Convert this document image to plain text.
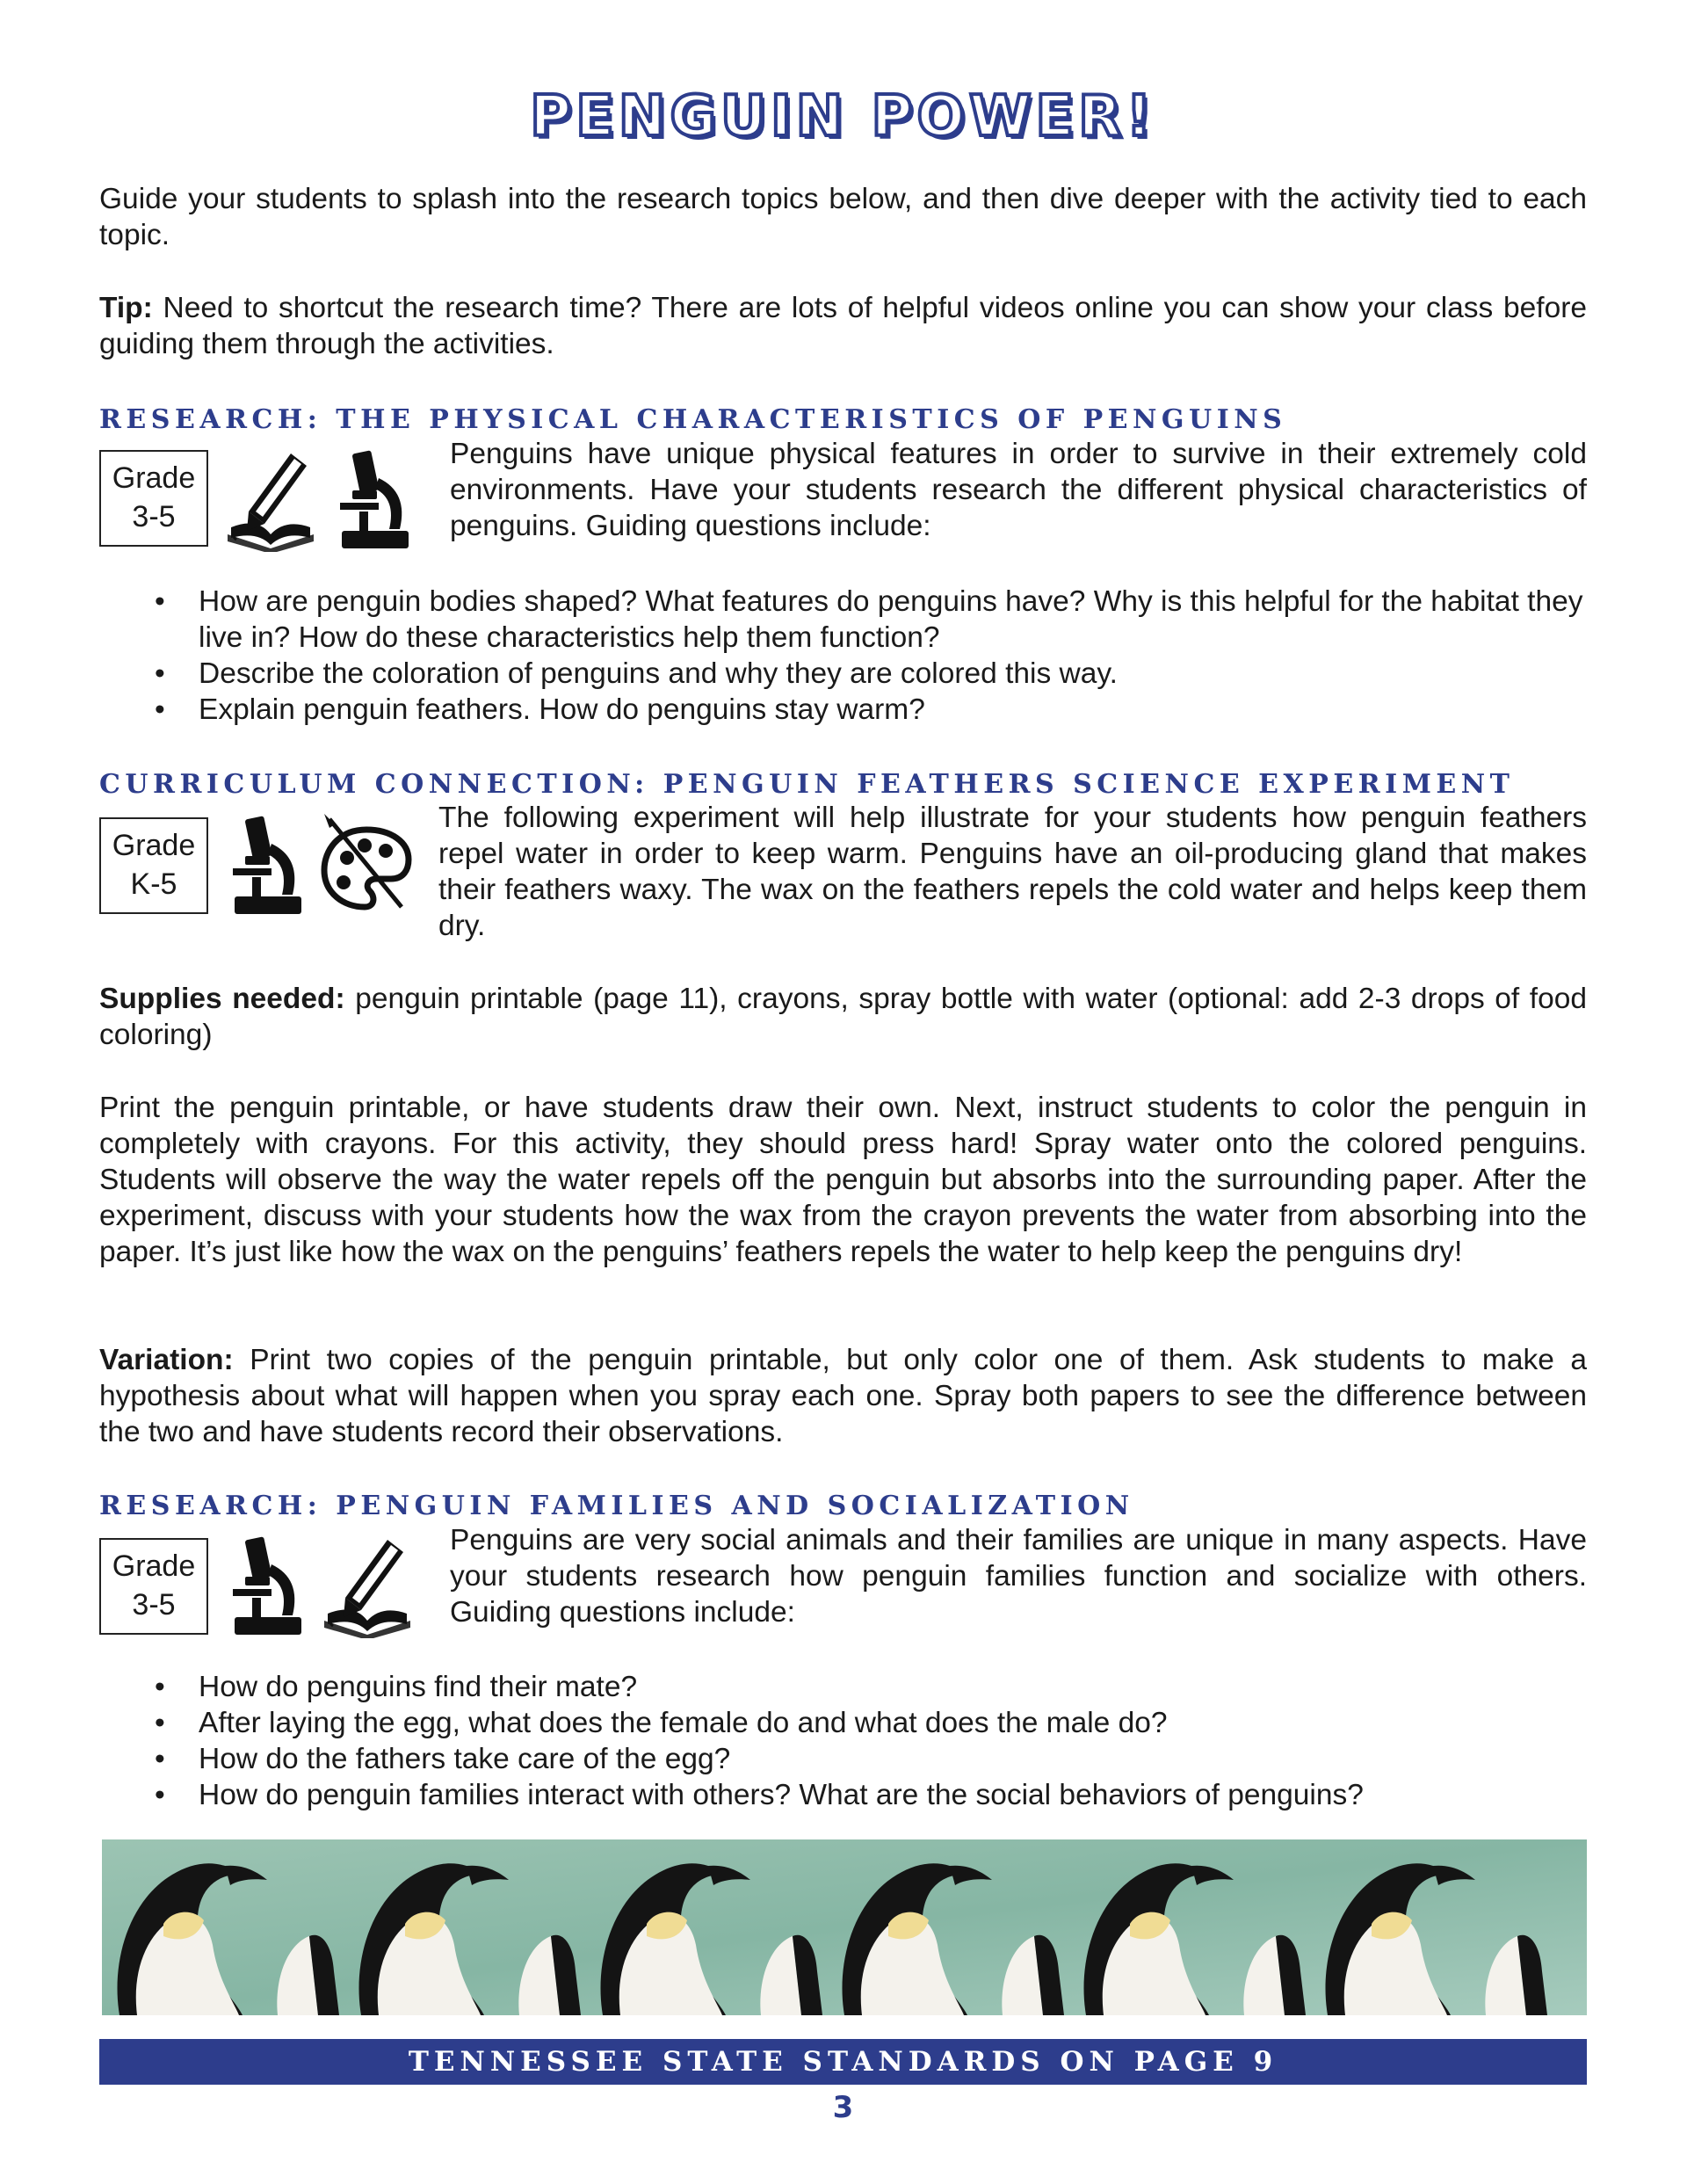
PENGUIN POWER!

Guide your students to splash into the research topics below, and then dive deeper with the activity tied to each topic.

Tip: Need to shortcut the research time? There are lots of helpful videos online you can show your class before guiding them through the activities.

RESEARCH: THE PHYSICAL CHARACTERISTICS OF PENGUINS
Grade
3-5

Penguins have unique physical features in order to survive in their extremely cold environments. Have your students research the different physical characteristics of penguins. Guiding questions include:

• How are penguin bodies shaped? What features do penguins have? Why is this helpful for the habitat they live in? How do these characteristics help them function?
• Describe the coloration of penguins and why they are colored this way.
• Explain penguin feathers. How do penguins stay warm?
CURRICULUM CONNECTION: PENGUIN FEATHERS SCIENCE EXPERIMENT
Grade
K-5

The following experiment will help illustrate for your students how penguin feathers repel water in order to keep warm. Penguins have an oil-producing gland that makes their feathers waxy. The wax on the feathers repels the cold water and helps keep them dry.

Supplies needed: penguin printable (page 11), crayons, spray bottle with water (optional: add 2-3 drops of food coloring)

Print the penguin printable, or have students draw their own. Next, instruct students to color the penguin in completely with crayons. For this activity, they should press hard! Spray water onto the colored penguins. Students will observe the way the water repels off the penguin but absorbs into the surrounding paper. After the experiment, discuss with your students how the wax from the crayon prevents the water from absorbing into the paper. It’s just like how the wax on the penguins’ feathers repels the water to help keep the penguins dry!

Variation: Print two copies of the penguin printable, but only color one of them. Ask students to make a hypothesis about what will happen when you spray each one. Spray both papers to see the difference between the two and have students record their observations.

RESEARCH: PENGUIN FAMILIES AND SOCIALIZATION
Grade
3-5

Penguins are very social animals and their families are unique in many aspects. Have your students research how penguin families function and socialize with others. Guiding questions include:

• How do penguins find their mate?
• After laying the egg, what does the female do and what does the male do?
• How do the fathers take care of the egg?
• How do penguin families interact with others? What are the social behaviors of penguins?
TENNESSEE STATE STANDARDS ON PAGE 9
3
